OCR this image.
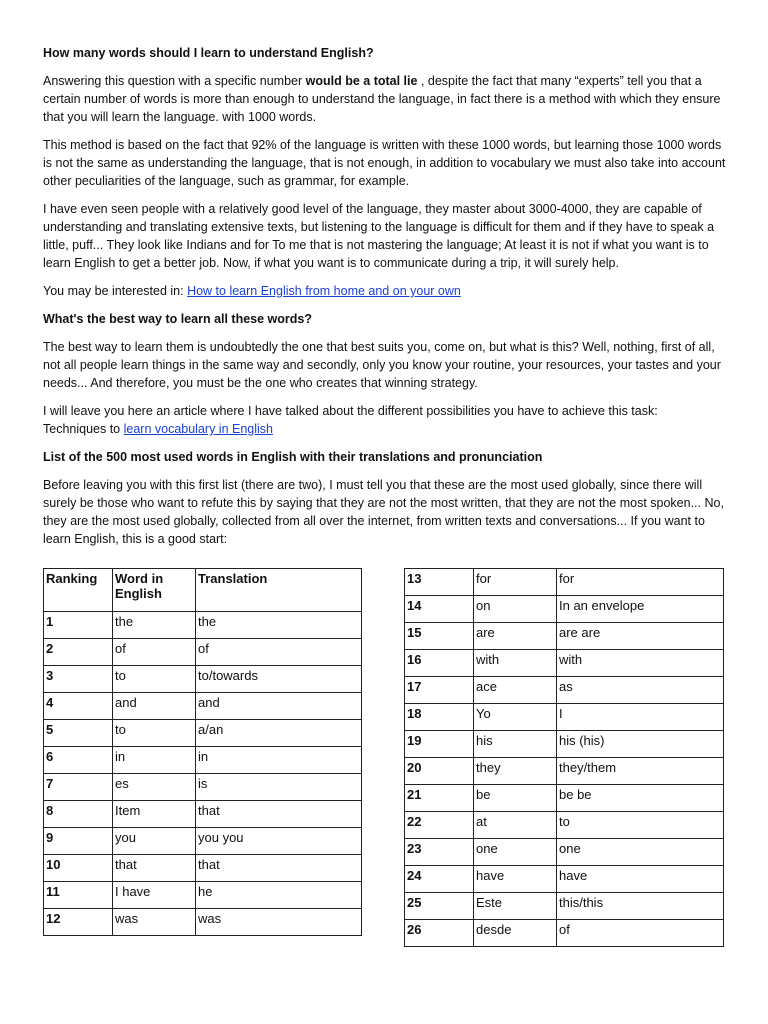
How many words should I learn to understand English?
Answering this question with a specific number would be a total lie , despite the fact that many “experts” tell you that a certain number of words is more than enough to understand the language, in fact there is a method with which they ensure that you will learn the language. with 1000 words.
This method is based on the fact that 92% of the language is written with these 1000 words, but learning those 1000 words is not the same as understanding the language, that is not enough, in addition to vocabulary we must also take into account other peculiarities of the language, such as grammar, for example.
I have even seen people with a relatively good level of the language, they master about 3000-4000, they are capable of understanding and translating extensive texts, but listening to the language is difficult for them and if they have to speak a little, puff... They look like Indians and for To me that is not mastering the language; At least it is not if what you want is to learn English to get a better job. Now, if what you want is to communicate during a trip, it will surely help.
You may be interested in: How to learn English from home and on your own
What's the best way to learn all these words?
The best way to learn them is undoubtedly the one that best suits you, come on, but what is this? Well, nothing, first of all, not all people learn things in the same way and secondly, only you know your routine, your resources, your tastes and your needs... And therefore, you must be the one who creates that winning strategy.
I will leave you here an article where I have talked about the different possibilities you have to achieve this task:
Techniques to learn vocabulary in English
List of the 500 most used words in English with their translations and pronunciation
Before leaving you with this first list (there are two), I must tell you that these are the most used globally, since there will surely be those who want to refute this by saying that they are not the most written, that they are not the most spoken... No, they are the most used globally, collected from all over the internet, from written texts and conversations... If you want to learn English, this is a good start:
Ranking	Word in English	Translation
1	the	the
2	of	of
3	to	to/towards
4	and	and
5	to	a/an
6	in	in
7	es	is
8	Item	that
9	you	you you
10	that	that
11	I have	he
12	was	was
13	for	for
14	on	In an envelope
15	are	are are
16	with	with
17	ace	as
18	Yo	I
19	his	his (his)
20	they	they/them
21	be	be be
22	at	to
23	one	one
24	have	have
25	Este	this/this
26	desde	of
